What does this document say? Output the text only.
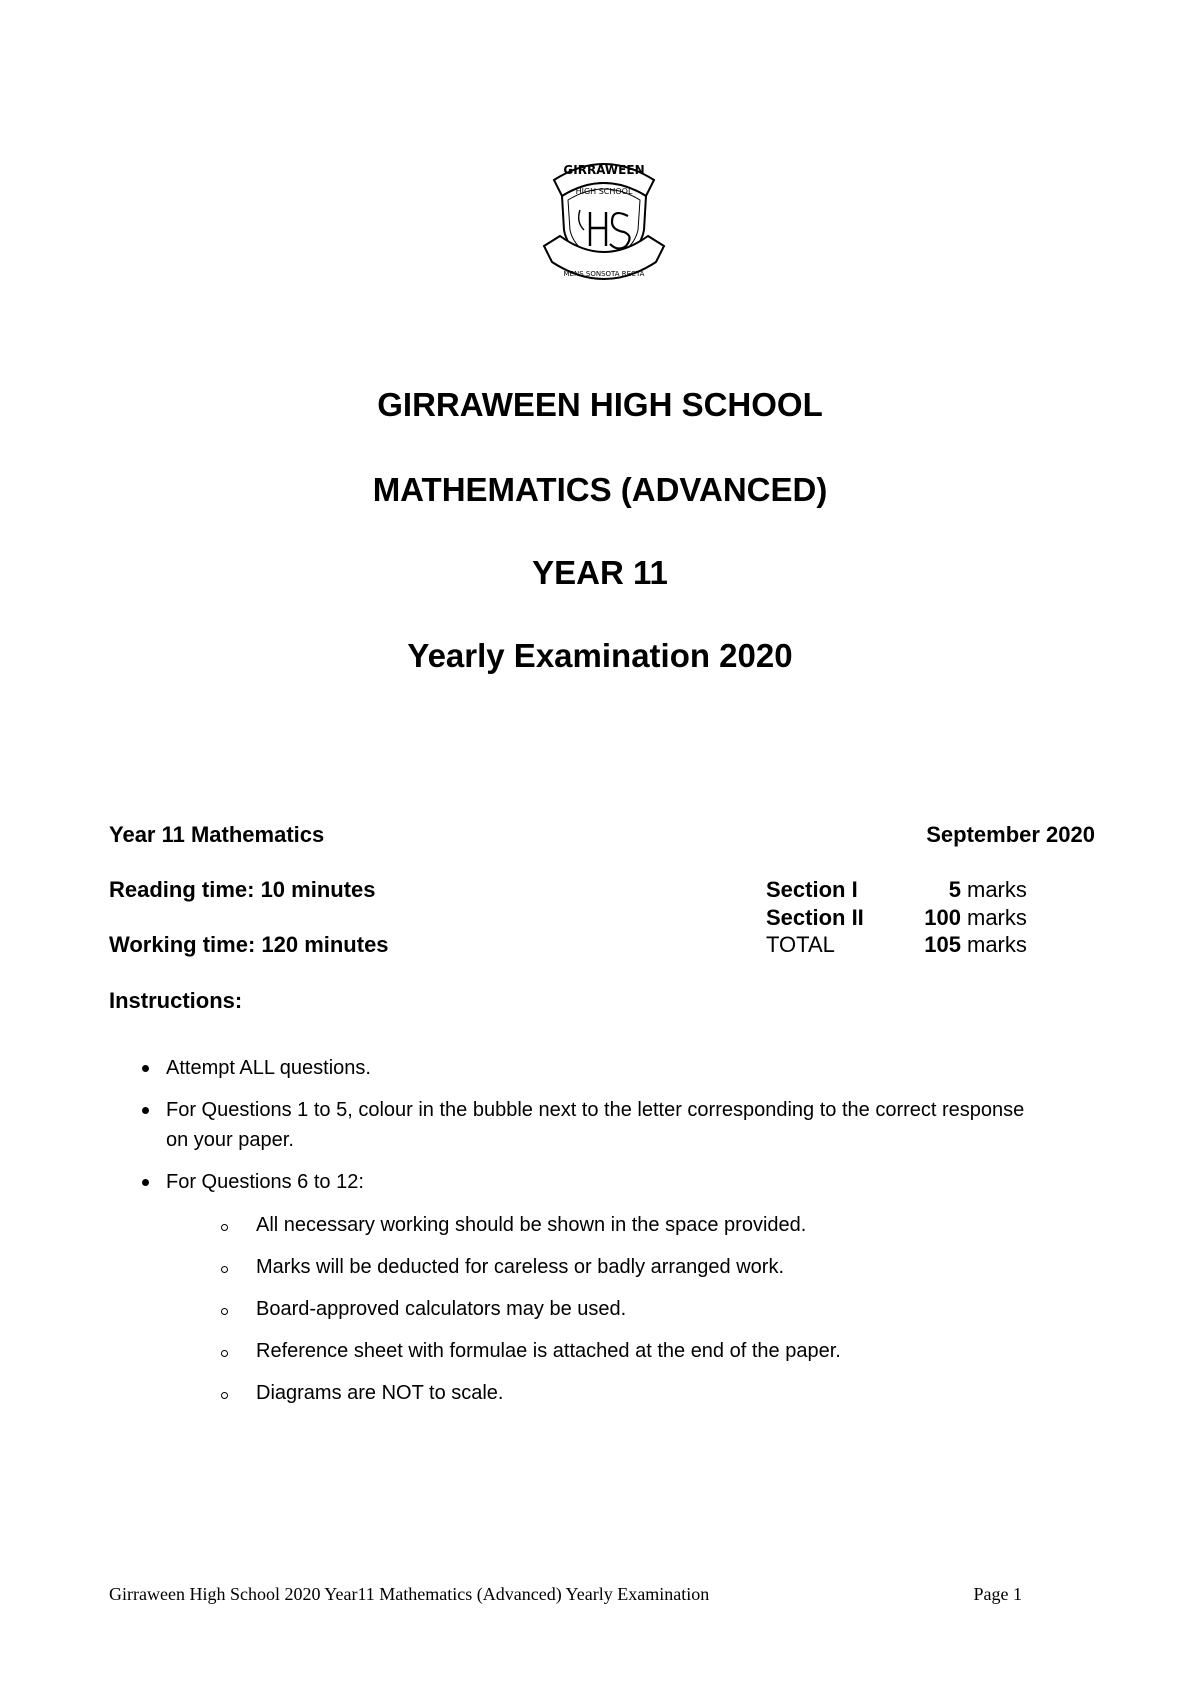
GIRRAWEEN
HIGH SCHOOL
MENS SONSOTA RECTA
HS
GIRRAWEEN HIGH SCHOOL
MATHEMATICS (ADVANCED)
YEAR 11
Yearly Examination 2020
Year 11 Mathematics	September 2020
Reading time: 10 minutes
Working time: 120 minutes
Instructions:
Section I	5	marks
Section II	100	marks
TOTAL	105	marks
Attempt ALL questions.
For Questions 1 to 5, colour in the bubble next to the letter corresponding to the correct response on your paper.
For Questions 6 to 12:
All necessary working should be shown in the space provided.
Marks will be deducted for careless or badly arranged work.
Board-approved calculators may be used.
Reference sheet with formulae is attached at the end of the paper.
Diagrams are NOT to scale.
Girraween High School 2020 Year11 Mathematics (Advanced) Yearly Examination	Page 1
